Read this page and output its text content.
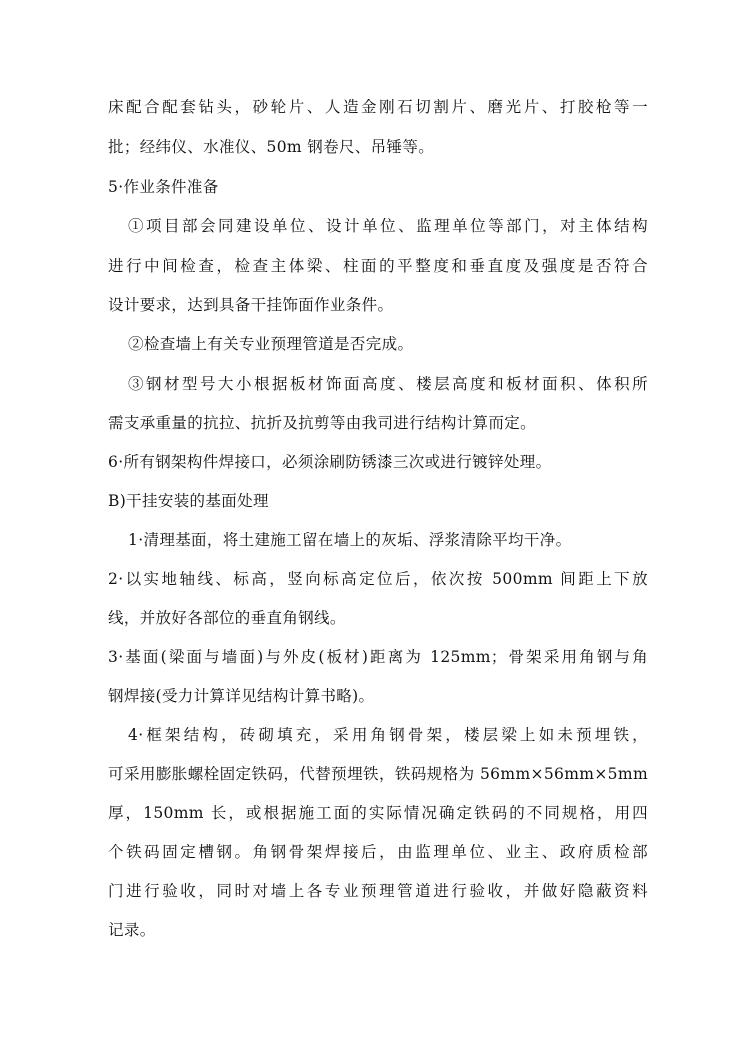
床配合配套钻头，砂轮片、人造金刚石切割片、磨光片、打胶枪等一
批；经纬仪、水准仪、50m 钢卷尺、吊锤等。
5·作业条件准备
①项目部会同建设单位、设计单位、监理单位等部门，对主体结构
进行中间检查，检查主体梁、柱面的平整度和垂直度及强度是否符合
设计要求，达到具备干挂饰面作业条件。
②检查墙上有关专业预理管道是否完成。
③钢材型号大小根据板材饰面高度、楼层高度和板材面积、体积所
需支承重量的抗拉、抗折及抗剪等由我司进行结构计算而定。
6·所有钢架构件焊接口，必须涂刷防锈漆三次或进行镀锌处理。
B)干挂安装的基面处理
1·清理基面，将土建施工留在墙上的灰垢、浮浆清除平均干净。
2·以实地轴线、标高，竖向标高定位后，依次按 500mm 间距上下放
线，并放好各部位的垂直角钢线。
3·基面(梁面与墙面)与外皮(板材)距离为 125mm；骨架采用角钢与角
钢焊接(受力计算详见结构计算书略)。
4·框架结构，砖砌填充，采用角钢骨架，楼层梁上如未预埋铁，
可采用膨胀螺栓固定铁码，代替预埋铁，铁码规格为 56mm×56mm×5mm
厚，150mm 长，或根据施工面的实际情况确定铁码的不同规格，用四
个铁码固定槽钢。角钢骨架焊接后，由监理单位、业主、政府质检部
门进行验收，同时对墙上各专业预理管道进行验收，并做好隐蔽资料
记录。
